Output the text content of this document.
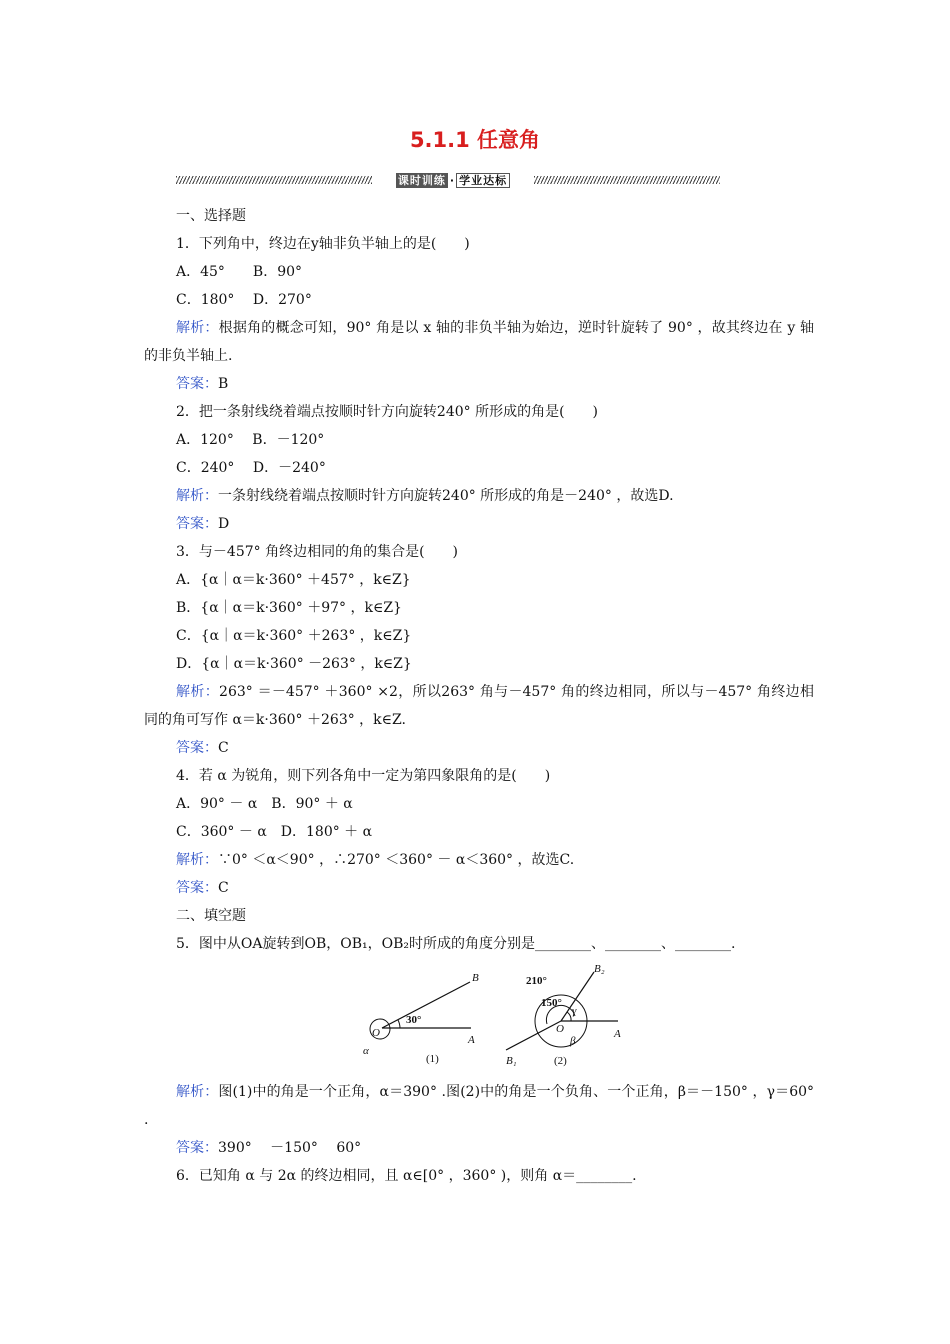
5.1.1 任意角
课时训练 · 学业达标
一、选择题
1．下列角中，终边在y轴非负半轴上的是(　　)
A．45°　　B．90°
C．180°　 D．270°
解析：根据角的概念可知，90° 角是以 x 轴的非负半轴为始边，逆时针旋转了 90° ，故其终边在 y 轴的非负半轴上.
答案：B
2．把一条射线绕着端点按顺时针方向旋转240° 所形成的角是(　　)
A．120°　 B．－120°
C．240°　 D．－240°
解析：一条射线绕着端点按顺时针方向旋转240° 所形成的角是－240° ，故选D.
答案：D
3．与－457° 角终边相同的角的集合是(　　)
A．{α｜α＝k·360° ＋457° ，k∈Z}
B．{α｜α＝k·360° ＋97° ，k∈Z}
C．{α｜α＝k·360° ＋263° ，k∈Z}
D．{α｜α＝k·360° －263° ，k∈Z}
解析：263° ＝－457° ＋360° ×2，所以263° 角与－457° 角的终边相同，所以与－457° 角终边相同的角可写作 α＝k·360° ＋263° ，k∈Z.
答案：C
4．若 α 为锐角，则下列各角中一定为第四象限角的是(　　)
A．90° － α　B．90° ＋ α
C．360° － α　D．180° ＋ α
解析：∵0° ＜α＜90° ，∴270° ＜360° － α＜360° ，故选C.
答案：C
二、填空题
5．图中从OA旋转到OB，OB₁，OB₂时所成的角度分别是________、________、________.
30°
B
A
O
α
(1)
210°
150°
B₂
B₁
A
O
γ
β
(2)
解析：图(1)中的角是一个正角，α＝390° .图(2)中的角是一个负角、一个正角，β＝－150° ，γ＝60° .
答案：390°　 －150°　 60°
6．已知角 α 与 2α 的终边相同，且 α∈[0° ，360° )，则角 α＝________.
